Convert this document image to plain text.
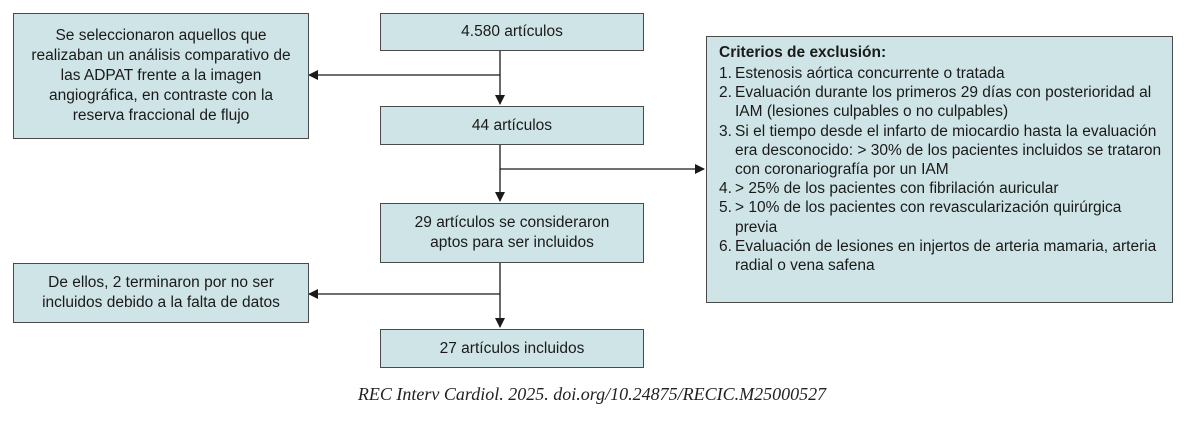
4.580 artículos

Se seleccionaron aquellos que realizaban un análisis comparativo de las ADPAT frente a la imagen angiográfica, en contraste con la reserva fraccional de flujo

44 artículos

29 artículos se consideraron aptos para ser incluidos

De ellos, 2 terminaron por no ser incluidos debido a la falta de datos

27 artículos incluidos

Criterios de exclusión:
1. Estenosis aórtica concurrente o tratada
2. Evaluación durante los primeros 29 días con posterioridad al IAM (lesiones culpables o no culpables)
3. Si el tiempo desde el infarto de miocardio hasta la evaluación era desconocido: > 30% de los pacientes incluidos se trataron con coronariografía por un IAM
4. > 25% de los pacientes con fibrilación auricular
5. > 10% de los pacientes con revascularización quirúrgica previa
6. Evaluación de lesiones en injertos de arteria mamaria, arteria radial o vena safena
REC Interv Cardiol. 2025. doi.org/10.24875/RECIC.M25000527
